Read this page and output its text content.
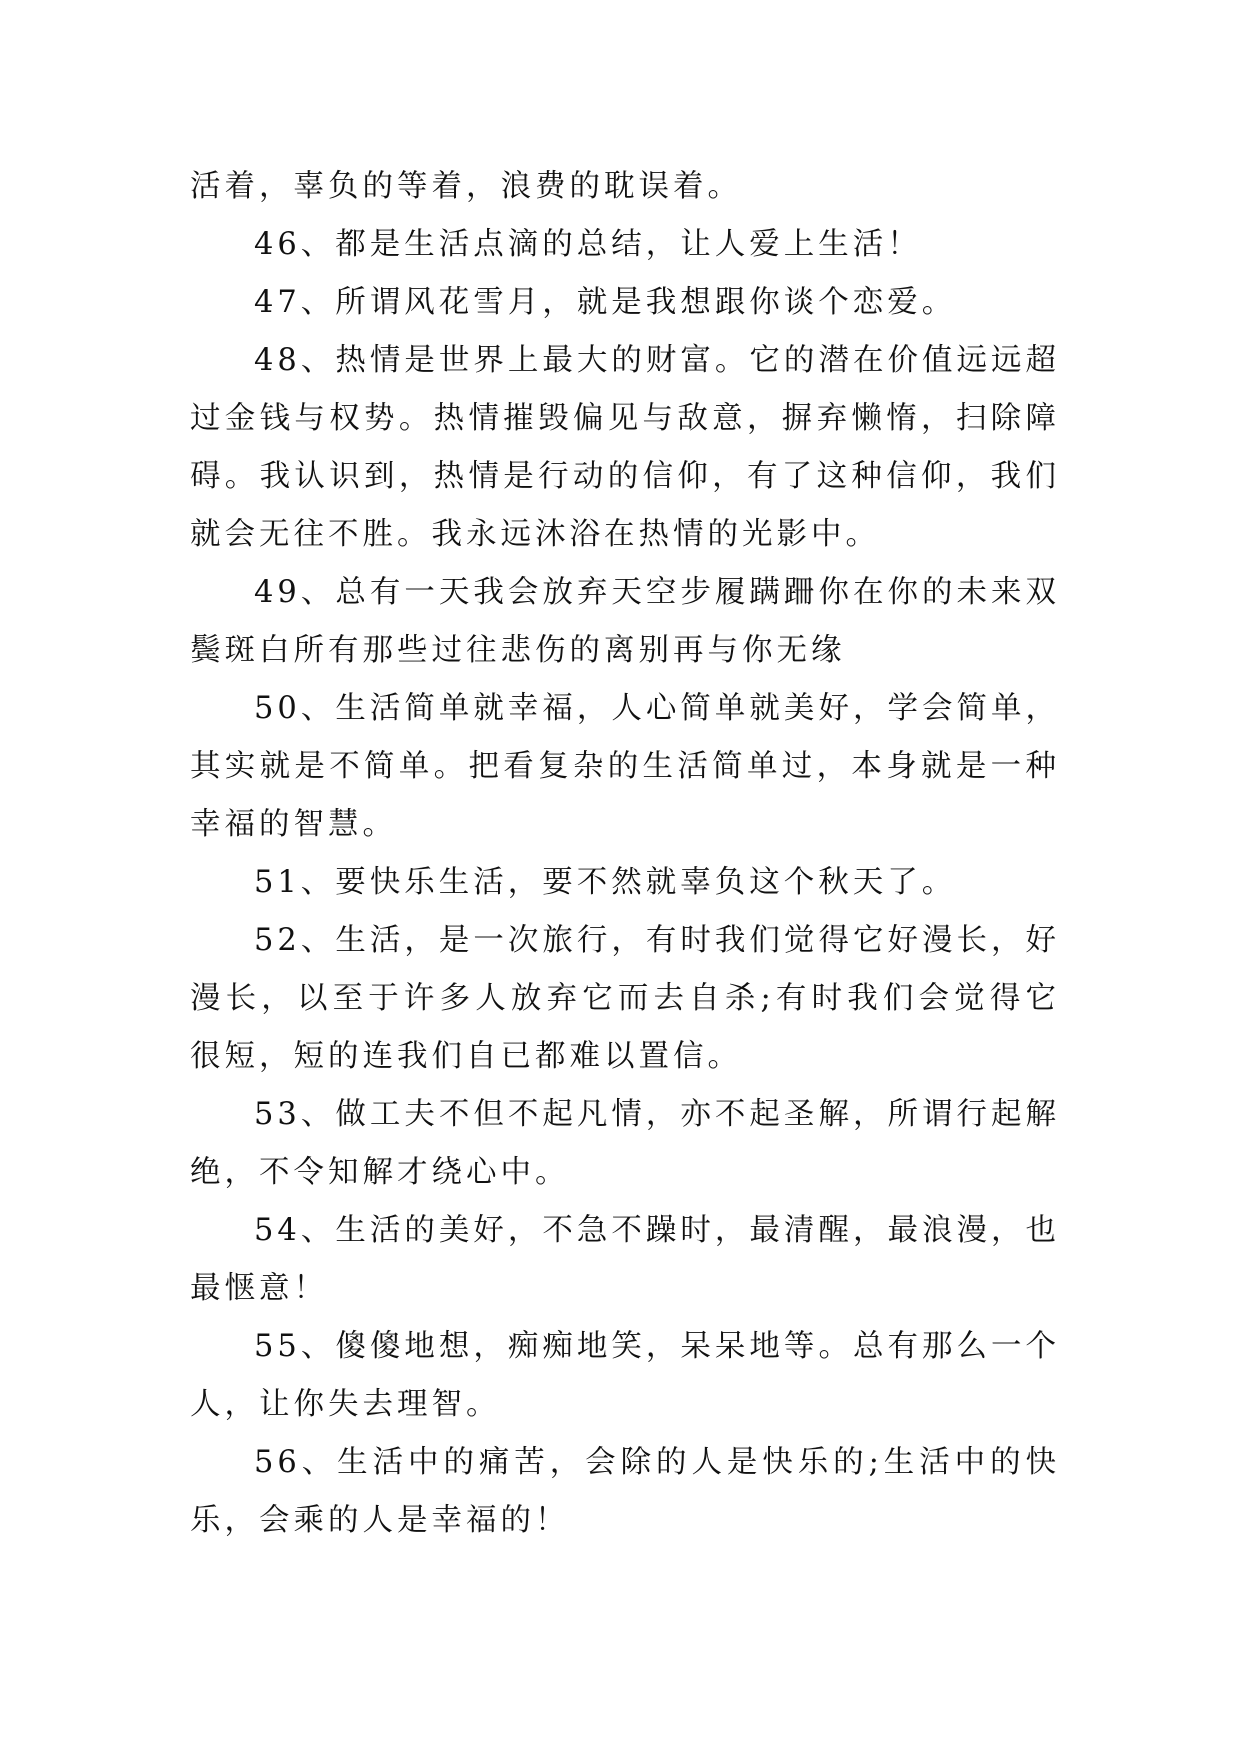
活着，辜负的等着，浪费的耽误着。

46、都是生活点滴的总结，让人爱上生活！

47、所谓风花雪月，就是我想跟你谈个恋爱。

48、热情是世界上最大的财富。它的潜在价值远远超过金钱与权势。热情摧毁偏见与敌意，摒弃懒惰，扫除障碍。我认识到，热情是行动的信仰，有了这种信仰，我们就会无往不胜。我永远沐浴在热情的光影中。

49、总有一天我会放弃天空步履蹒跚你在你的未来双鬓斑白所有那些过往悲伤的离别再与你无缘

50、生活简单就幸福，人心简单就美好，学会简单，其实就是不简单。把看复杂的生活简单过，本身就是一种幸福的智慧。

51、要快乐生活，要不然就辜负这个秋天了。

52、生活，是一次旅行，有时我们觉得它好漫长，好漫长，以至于许多人放弃它而去自杀;有时我们会觉得它很短，短的连我们自已都难以置信。

53、做工夫不但不起凡情，亦不起圣解，所谓行起解绝，不令知解才绕心中。

54、生活的美好，不急不躁时，最清醒，最浪漫，也最惬意！

55、傻傻地想，痴痴地笑，呆呆地等。总有那么一个人，让你失去理智。

56、生活中的痛苦，会除的人是快乐的;生活中的快乐，会乘的人是幸福的！
